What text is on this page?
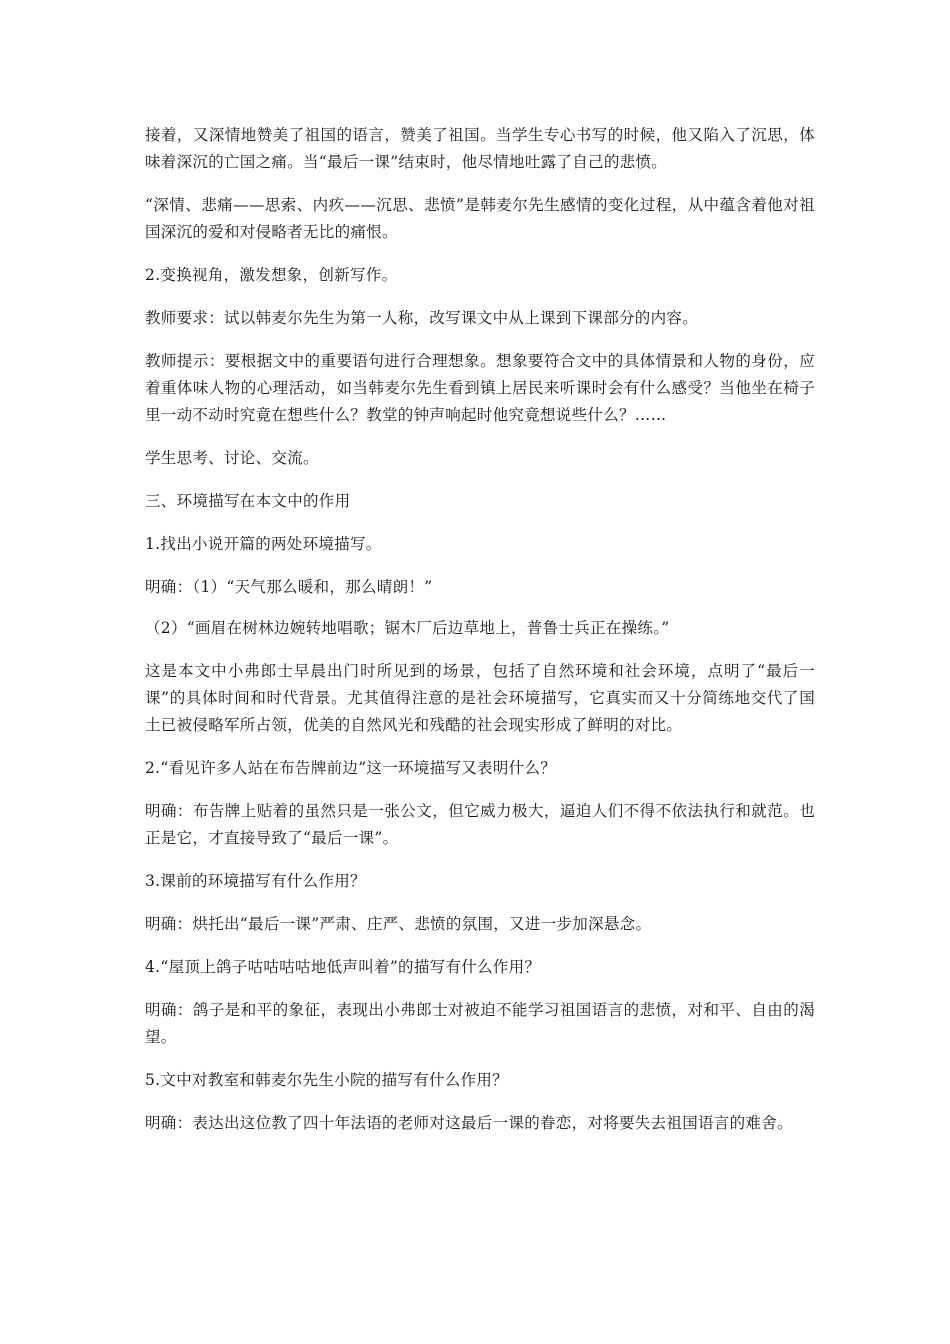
接着，又深情地赞美了祖国的语言，赞美了祖国。当学生专心书写的时候，他又陷入了沉思，体味着深沉的亡国之痛。当“最后一课”结束时，他尽情地吐露了自己的悲愤。

“深情、悲痛——思索、内疚——沉思、悲愤”是韩麦尔先生感情的变化过程，从中蕴含着他对祖国深沉的爱和对侵略者无比的痛恨。

2.变换视角，激发想象，创新写作。

教师要求：试以韩麦尔先生为第一人称，改写课文中从上课到下课部分的内容。

教师提示：要根据文中的重要语句进行合理想象。想象要符合文中的具体情景和人物的身份，应着重体味人物的心理活动，如当韩麦尔先生看到镇上居民来听课时会有什么感受？当他坐在椅子里一动不动时究竟在想些什么？教堂的钟声响起时他究竟想说些什么？……

学生思考、讨论、交流。

三、环境描写在本文中的作用

1.找出小说开篇的两处环境描写。

明确：（1）“天气那么暖和，那么晴朗！”

（2）“画眉在树林边婉转地唱歌；锯木厂后边草地上，普鲁士兵正在操练。”

这是本文中小弗郎士早晨出门时所见到的场景，包括了自然环境和社会环境，点明了“最后一课”的具体时间和时代背景。尤其值得注意的是社会环境描写，它真实而又十分简练地交代了国土已被侵略军所占领，优美的自然风光和残酷的社会现实形成了鲜明的对比。

2.“看见许多人站在布告牌前边”这一环境描写又表明什么？

明确：布告牌上贴着的虽然只是一张公文，但它威力极大，逼迫人们不得不依法执行和就范。也正是它，才直接导致了“最后一课”。

3.课前的环境描写有什么作用？

明确：烘托出“最后一课”严肃、庄严、悲愤的氛围，又进一步加深悬念。

4.“屋顶上鸽子咕咕咕咕地低声叫着”的描写有什么作用？

明确：鸽子是和平的象征，表现出小弗郎士对被迫不能学习祖国语言的悲愤，对和平、自由的渴望。

5.文中对教室和韩麦尔先生小院的描写有什么作用？

明确：表达出这位教了四十年法语的老师对这最后一课的眷恋，对将要失去祖国语言的难舍。
